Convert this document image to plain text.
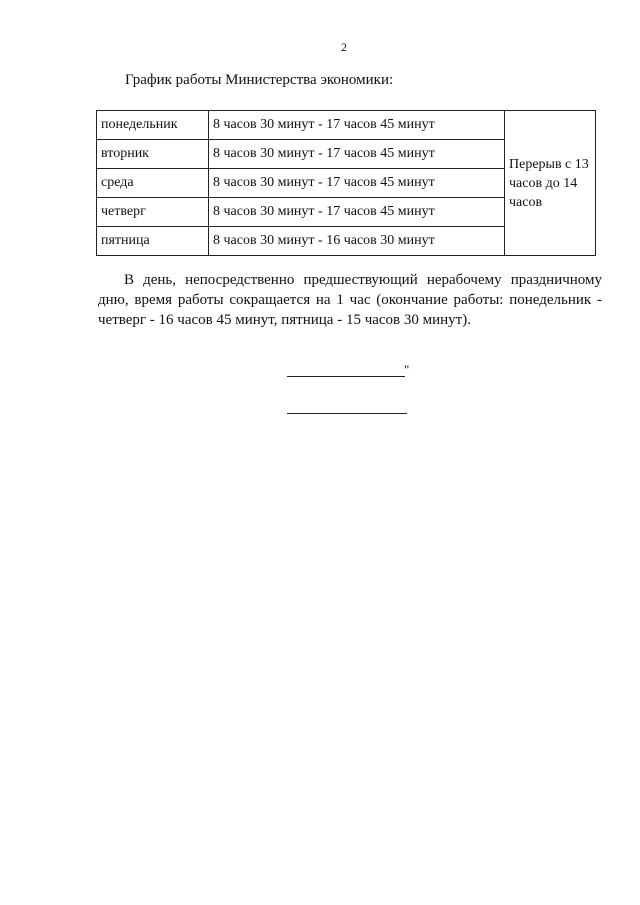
2
График работы Министерства экономики:
понедельник	8 часов 30 минут - 17 часов 45 минут	Перерыв с 13 часов до 14 часов
вторник	8 часов 30 минут - 17 часов 45 минут	
среда	8 часов 30 минут - 17 часов 45 минут	
четверг	8 часов 30 минут - 17 часов 45 минут	
пятница	8 часов 30 минут - 16 часов 30 минут	
В день, непосредственно предшествующий нерабочему праздничному дню, время работы сокращается на 1 час (окончание работы: понедельник - четверг - 16 часов 45 минут, пятница - 15 часов 30 минут).
"
